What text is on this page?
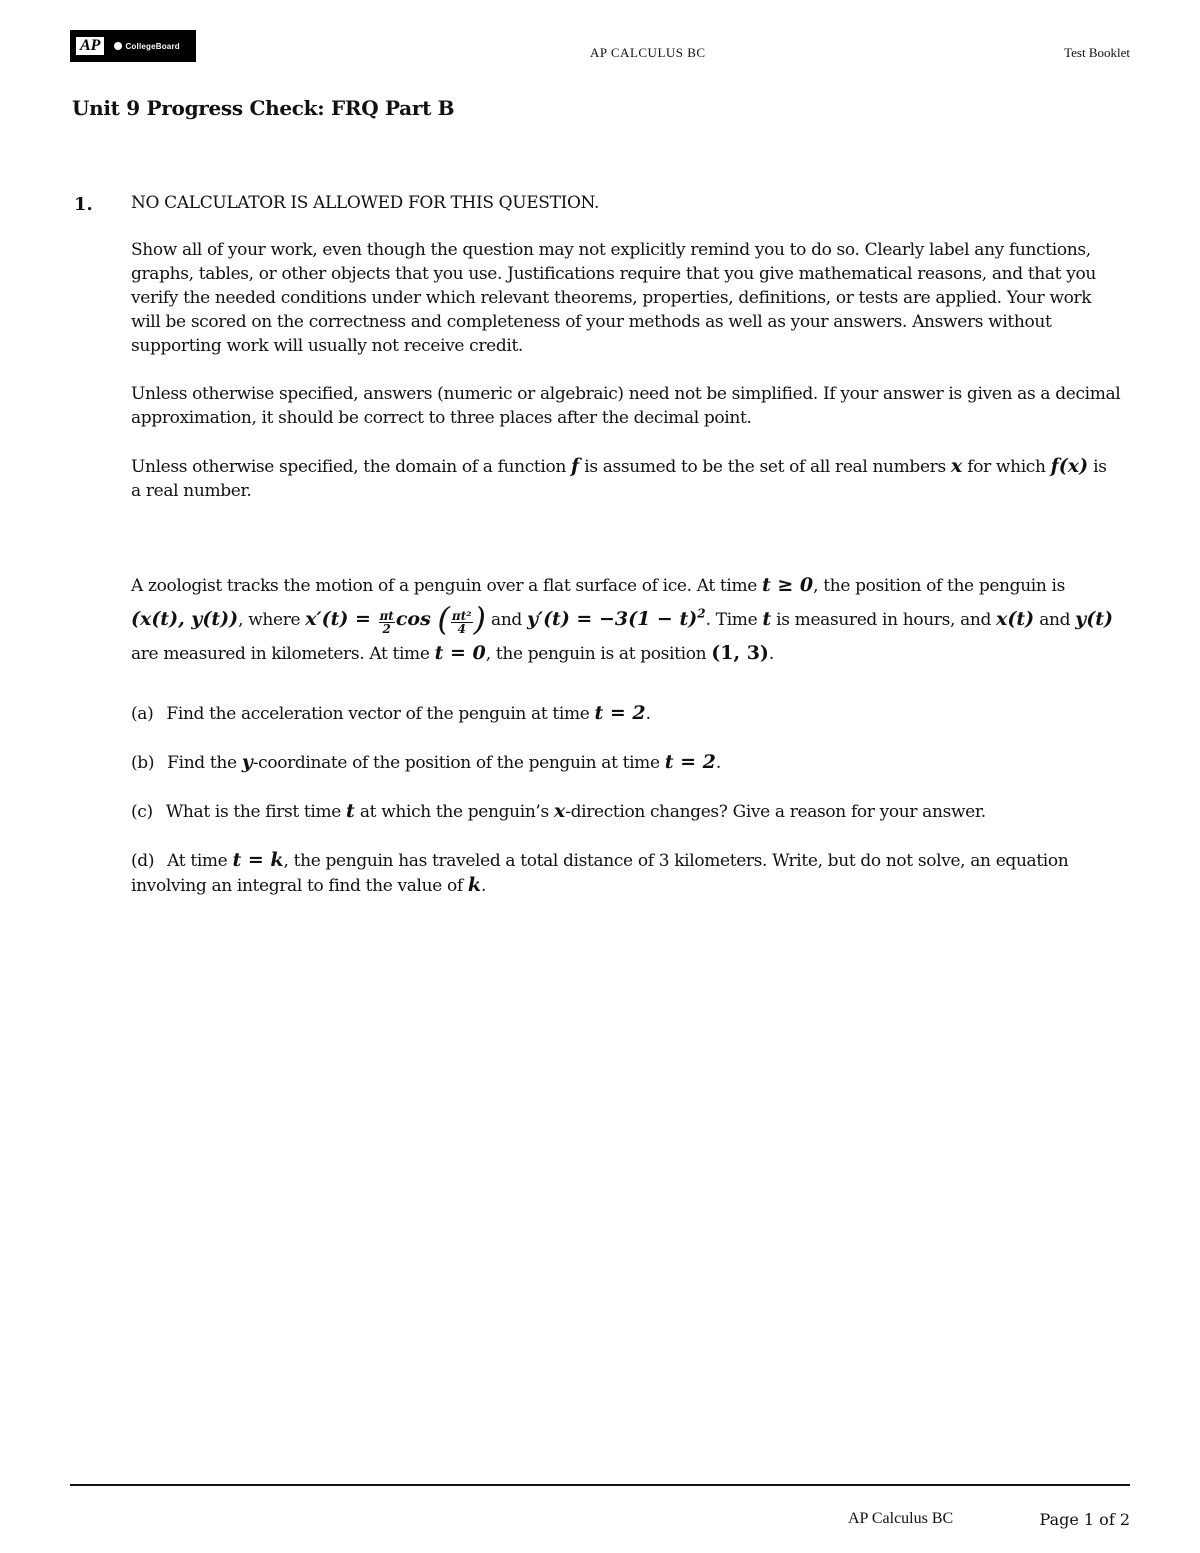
AP	CollegeBoard	AP CALCULUS BC	Test Booklet
Unit 9 Progress Check: FRQ Part B
1. NO CALCULATOR IS ALLOWED FOR THIS QUESTION.

Show all of your work, even though the question may not explicitly remind you to do so. Clearly label any functions, graphs, tables, or other objects that you use. Justifications require that you give mathematical reasons, and that you verify the needed conditions under which relevant theorems, properties, definitions, or tests are applied. Your work will be scored on the correctness and completeness of your methods as well as your answers. Answers without supporting work will usually not receive credit.

Unless otherwise specified, answers (numeric or algebraic) need not be simplified. If your answer is given as a decimal approximation, it should be correct to three places after the decimal point.

Unless otherwise specified, the domain of a function f is assumed to be the set of all real numbers x for which f(x) is a real number.

A zoologist tracks the motion of a penguin over a flat surface of ice. At time t ≥ 0, the position of the penguin is (x(t), y(t)), where $x'(t) = \frac{\pi t}{2}$ cos ( $\frac{\text{πt²}}{4}$ ) and $y'(t) = -3(1 - t)^2$. Time t is measured in hours, and x(t) and y(t) are measured in kilometers. At time t = 0, the penguin is at position (1, 3).

(a) Find the acceleration vector of the penguin at time t = 2.

(b) Find the y-coordinate of the position of the penguin at time t = 2.

(c) What is the first time t at which the penguin’s x-direction changes? Give a reason for your answer.

(d) At time t = k, the penguin has traveled a total distance of 3 kilometers. Write, but do not solve, an equation involving an integral to find the value of k.

AP Calculus BC	Page 1 of 2
